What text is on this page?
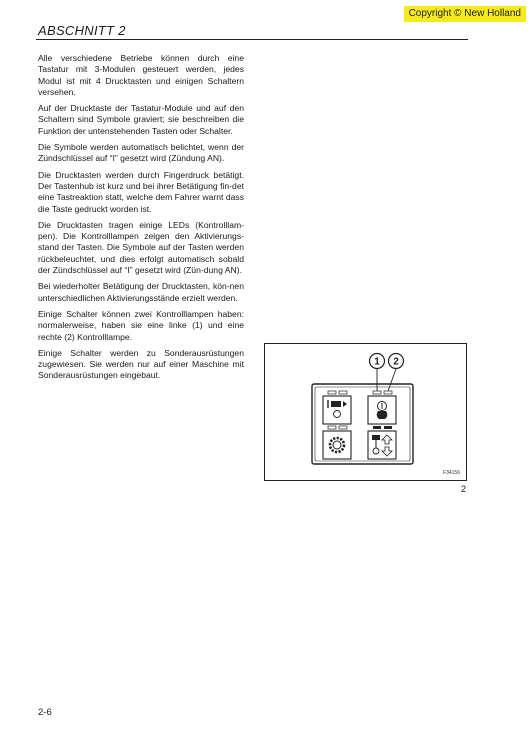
Copyright © New Holland
ABSCHNITT 2

Alle verschiedene Betriebe können durch eine Tastatur mit 3-Modulen gesteuert werden, jedes Modul ist mit 4 Drucktasten und einigen Schaltern versehen.

Auf der Drucktaste der Tastatur-Module und auf den Schaltern sind Symbole graviert; sie beschreiben die Funktion der untenstehenden Tasten oder Schalter.

Die Symbole werden automatisch belichtet, wenn der Zündschlüssel auf “I” gesetzt wird (Zündung AN).

Die Drucktasten werden durch Fingerdruck betätigt. Der Tastenhub ist kurz und bei ihrer Betätigung fin-det eine Tastreaktion statt, welche dem Fahrer warnt dass die Taste gedruckt worden ist.

Die Drucktasten tragen einige LEDs (Kontrolllam-pen). Die Kontrolllampen zeigen den Aktivierungs-stand der Tasten. Die Symbole auf der Tasten werden rückbeleuchtet, und dies erfolgt automatisch sobald der Zündschlüssel auf “I” gesetzt wird (Zün-dung AN).

Bei wiederholter Betätigung der Drucktasten, kön-nen unterschiedlichen Aktivierungsstände erzielt werden.

Einige Schalter können zwei Kontrolllampen haben: normalerweise, haben sie eine linke (1) und eine rechte (2) Kontrolllampe.

Einige Schalter werden zu Sonderausrüstungen zugewiesen. Sie werden nur auf einer Maschine mit Sonderausrüstungen eingebaut.

1 2
F34156
2
2-6
